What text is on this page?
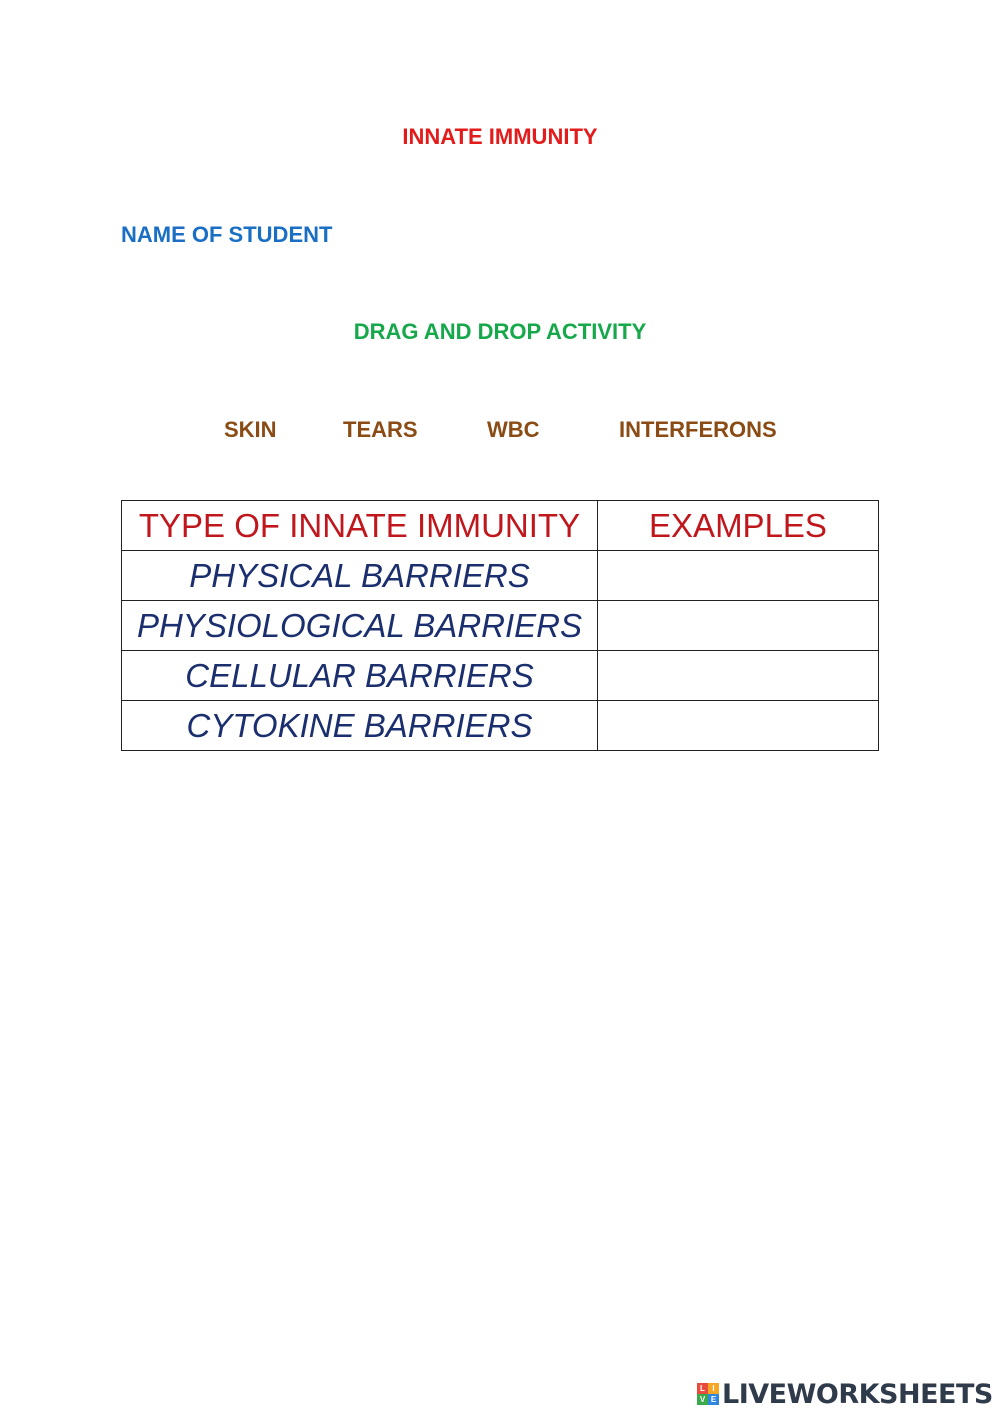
INNATE IMMUNITY
NAME OF STUDENT
DRAG AND DROP ACTIVITY
SKIN	TEARS	WBC	INTERFERONS
TYPE OF INNATE IMMUNITY	EXAMPLES
PHYSICAL BARRIERS	
PHYSIOLOGICAL BARRIERS	
CELLULAR BARRIERS	
CYTOKINE BARRIERS	
L I
V E LIVEWORKSHEETS
